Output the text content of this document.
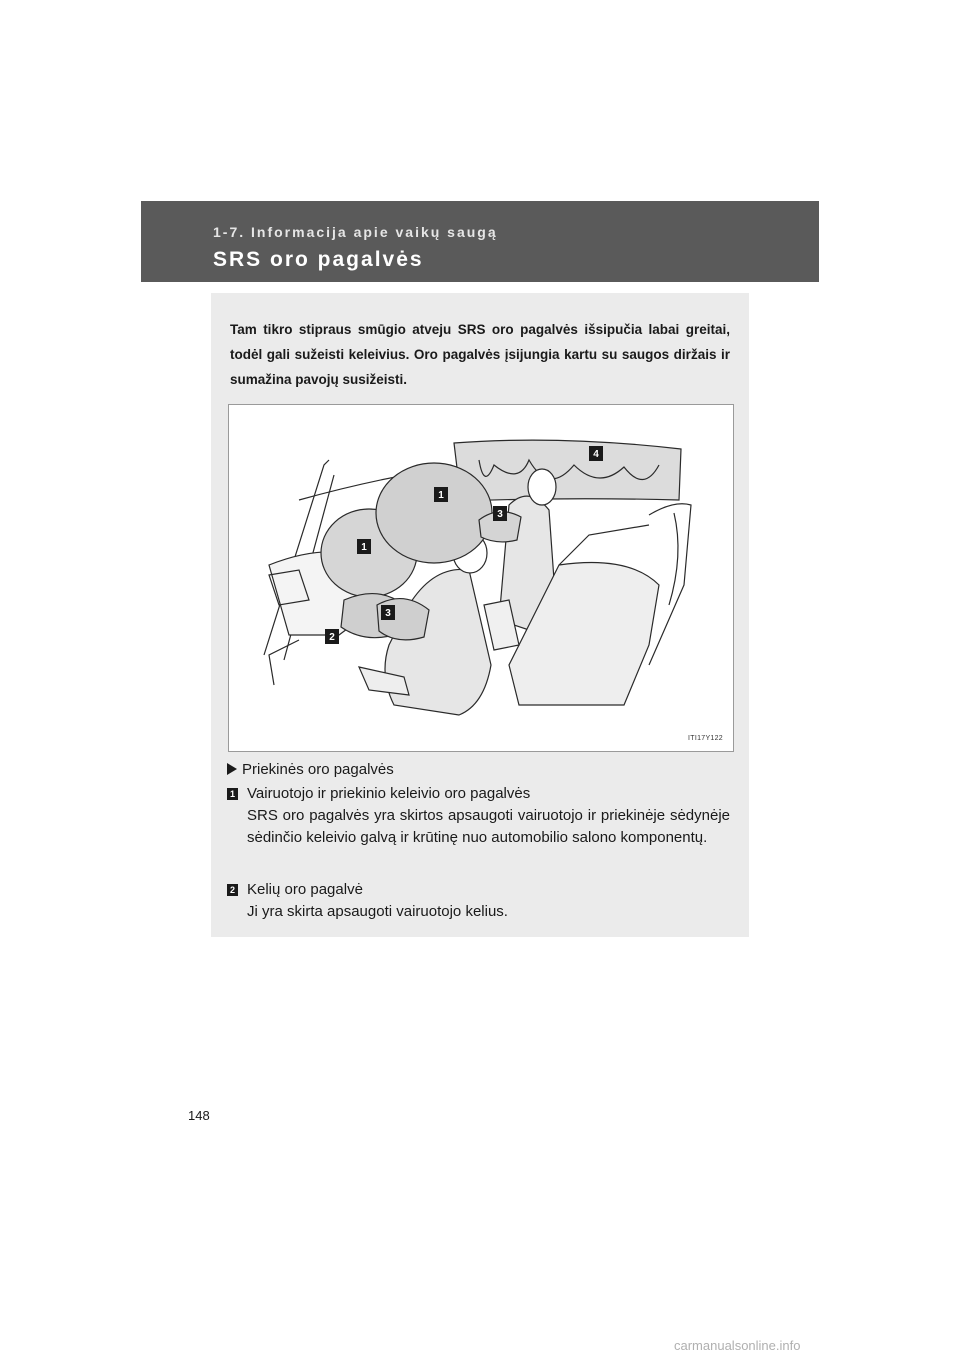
1-7. Informacija apie vaikų saugą
SRS oro pagalvės
Tam tikro stipraus smūgio atveju SRS oro pagalvės išsipučia labai greitai, todėl gali sužeisti keleivius. Oro pagalvės įsijungia kartu su saugos diržais ir sumažina pavojų susižeisti.
1
1
2
3
3
4
ITI17Y122
Priekinės oro pagalvės
1 Vairuotojo ir priekinio keleivio oro pagalvės
SRS oro pagalvės yra skirtos apsaugoti vairuotojo ir priekinėje sėdynėje sėdinčio keleivio galvą ir krūtinę nuo automobilio salono komponentų.
2 Kelių oro pagalvė
Ji yra skirta apsaugoti vairuotojo kelius.
148
carmanualsonline.info
